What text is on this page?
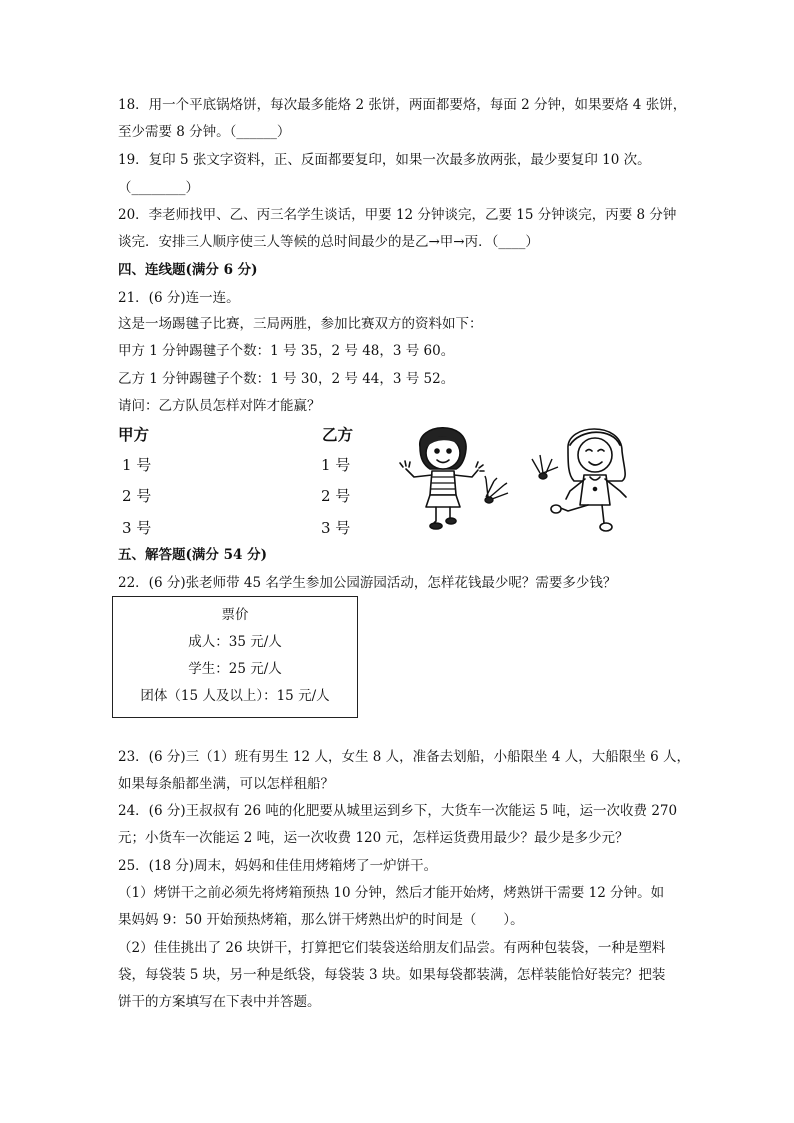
18．用一个平底锅烙饼，每次最多能烙 2 张饼，两面都要烙，每面 2 分钟，如果要烙 4 张饼，
至少需要 8 分钟。（______）
19．复印 5 张文字资料，正、反面都要复印，如果一次最多放两张，最少要复印 10 次。
（________）
20．李老师找甲、乙、丙三名学生谈话，甲要 12 分钟谈完，乙要 15 分钟谈完，丙要 8 分钟
谈完．安排三人顺序使三人等候的总时间最少的是乙→甲→丙．（____）
四、连线题(满分 6 分)
21．(6 分)连一连。
这是一场踢毽子比赛，三局两胜，参加比赛双方的资料如下：
甲方 1 分钟踢毽子个数：1 号 35，2 号 48，3 号 60。
乙方 1 分钟踢毽子个数：1 号 30，2 号 44，3 号 52。
请问：乙方队员怎样对阵才能赢？
甲方	乙方
1 号
2 号
3 号
1 号
2 号
3 号
五、解答题(满分 54 分)
22．(6 分)张老师带 45 名学生参加公园游园活动，怎样花钱最少呢？需要多少钱？
票价
成人：35 元/人
学生：25 元/人
团体（15 人及以上）：15 元/人
23．(6 分)三（1）班有男生 12 人，女生 8 人，准备去划船，小船限坐 4 人，大船限坐 6 人，
如果每条船都坐满，可以怎样租船？
24．(6 分)王叔叔有 26 吨的化肥要从城里运到乡下，大货车一次能运 5 吨，运一次收费 270
元；小货车一次能运 2 吨，运一次收费 120 元，怎样运货费用最少？最少是多少元？
25．(18 分)周末，妈妈和佳佳用烤箱烤了一炉饼干。
（1）烤饼干之前必须先将烤箱预热 10 分钟，然后才能开始烤，烤熟饼干需要 12 分钟。如
果妈妈 9：50 开始预热烤箱，那么饼干烤熟出炉的时间是（　　）。
（2）佳佳挑出了 26 块饼干，打算把它们装袋送给朋友们品尝。有两种包装袋，一种是塑料
袋，每袋装 5 块，另一种是纸袋，每袋装 3 块。如果每袋都装满，怎样装能恰好装完？把装
饼干的方案填写在下表中并答题。
